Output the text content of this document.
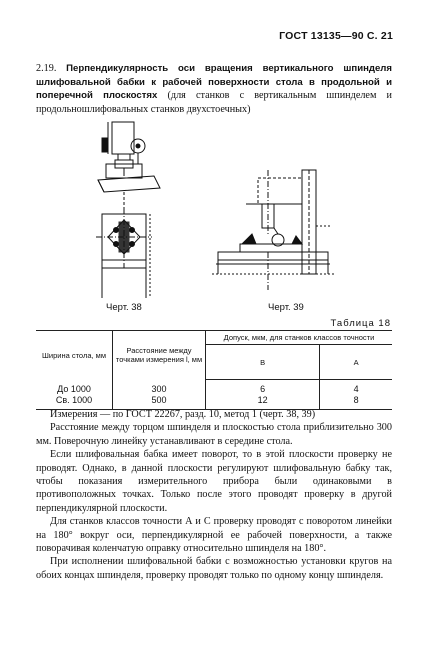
ГОСТ 13135—90 С. 21
2.19. Перпендикулярность оси вращения вертикального шпинделя шлифовальной бабки к рабочей поверхности стола в продольной и поперечной плоскостях (для станков с вертикальным шпинделем и продольношлифовальных станков двухстоечных)
Черт. 38	Черт. 39
Таблица 18
Ширина стола, мм	Расстояние между точками измерения l, мм	Допуск, мкм, для станков классов точности	
		В	А
До 1000	300	6	4
Св. 1000	500	12	8

Измерения — по ГОСТ 22267, разд. 10, метод 1 (черт. 38, 39)

Расстояние между торцом шпинделя и плоскостью стола приблизительно 300 мм. Поверочную линейку устанавливают в середине стола.

Если шлифовальная бабка имеет поворот, то в этой плоскости проверку не проводят. Однако, в данной плоскости регулируют шлифовальную бабку так, чтобы показания измерительного прибора были одинаковыми в противоположных точках. Только после этого проводят проверку в другой перпендикулярной плоскости.

Для станков классов точности А и С проверку проводят с поворотом линейки на 180° вокруг оси, перпендикулярной ее рабочей поверхности, а также поворачивая коленчатую оправку относительно шпинделя на 180°.

При исполнении шлифовальной бабки с возможностью установки кругов на обоих концах шпинделя, проверку проводят только по одному концу шпинделя.
